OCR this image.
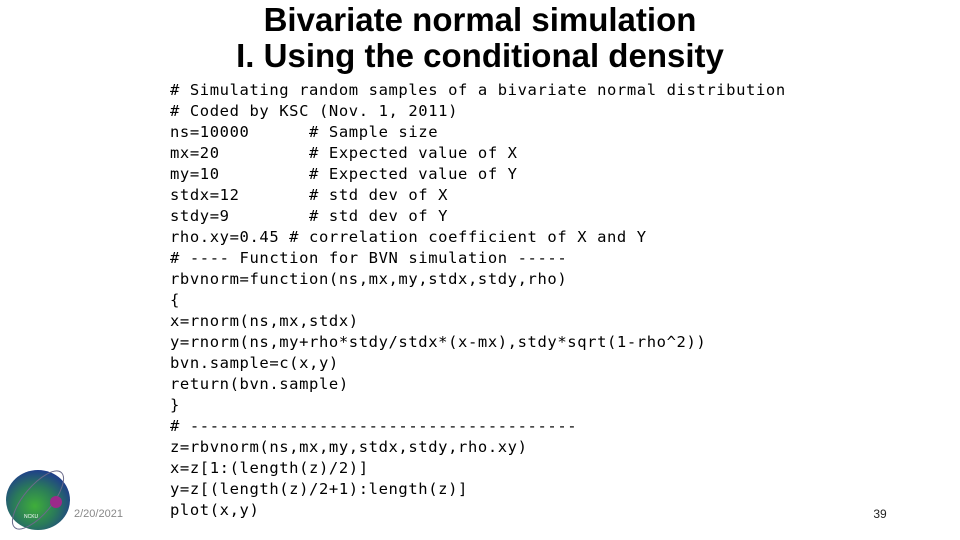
Bivariate normal simulation
I. Using the conditional density
# Simulating random samples of a bivariate normal distribution
# Coded by KSC (Nov. 1, 2011)
ns=10000      # Sample size
mx=20         # Expected value of X
my=10         # Expected value of Y
stdx=12       # std dev of X
stdy=9        # std dev of Y
rho.xy=0.45 # correlation coefficient of X and Y
# ---- Function for BVN simulation -----
rbvnorm=function(ns,mx,my,stdx,stdy,rho)
{
x=rnorm(ns,mx,stdx)
y=rnorm(ns,my+rho*stdy/stdx*(x-mx),stdy*sqrt(1-rho^2))
bvn.sample=c(x,y)
return(bvn.sample)
}
# ---------------------------------------
z=rbvnorm(ns,mx,my,stdx,stdy,rho.xy)
x=z[1:(length(z)/2)]
y=z[(length(z)/2+1):length(z)]
plot(x,y)
NCKU	2/20/2021	39
